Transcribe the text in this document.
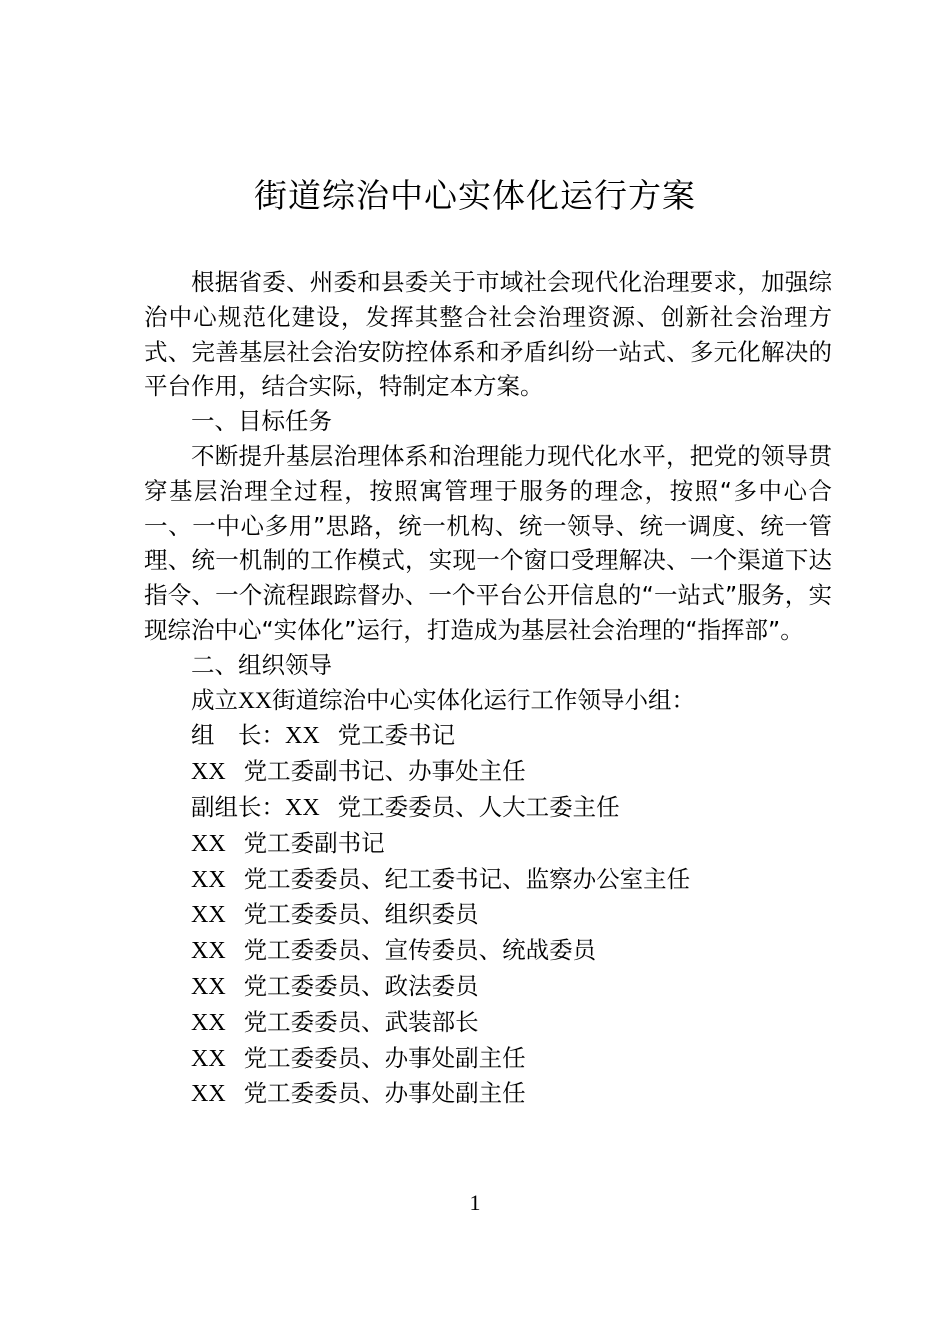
街道综治中心实体化运行方案

根据省委、州委和县委关于市域社会现代化治理要求，加强综治中心规范化建设，发挥其整合社会治理资源、创新社会治理方式、完善基层社会治安防控体系和矛盾纠纷一站式、多元化解决的平台作用，结合实际，特制定本方案。

一、目标任务

不断提升基层治理体系和治理能力现代化水平，把党的领导贯穿基层治理全过程，按照寓管理于服务的理念，按照“多中心合一、一中心多用”思路，统一机构、统一领导、统一调度、统一管理、统一机制的工作模式，实现一个窗口受理解决、一个渠道下达指令、一个流程跟踪督办、一个平台公开信息的“一站式”服务，实现综治中心“实体化”运行，打造成为基层社会治理的“指挥部”。

二、组织领导

成立XX街道综治中心实体化运行工作领导小组：

组　长：XX 党工委书记

XX 党工委副书记、办事处主任

副组长：XX 党工委委员、人大工委主任

XX 党工委副书记

XX 党工委委员、纪工委书记、监察办公室主任

XX 党工委委员、组织委员

XX 党工委委员、宣传委员、统战委员

XX 党工委委员、政法委员

XX 党工委委员、武装部长

XX 党工委委员、办事处副主任

XX 党工委委员、办事处副主任

1
